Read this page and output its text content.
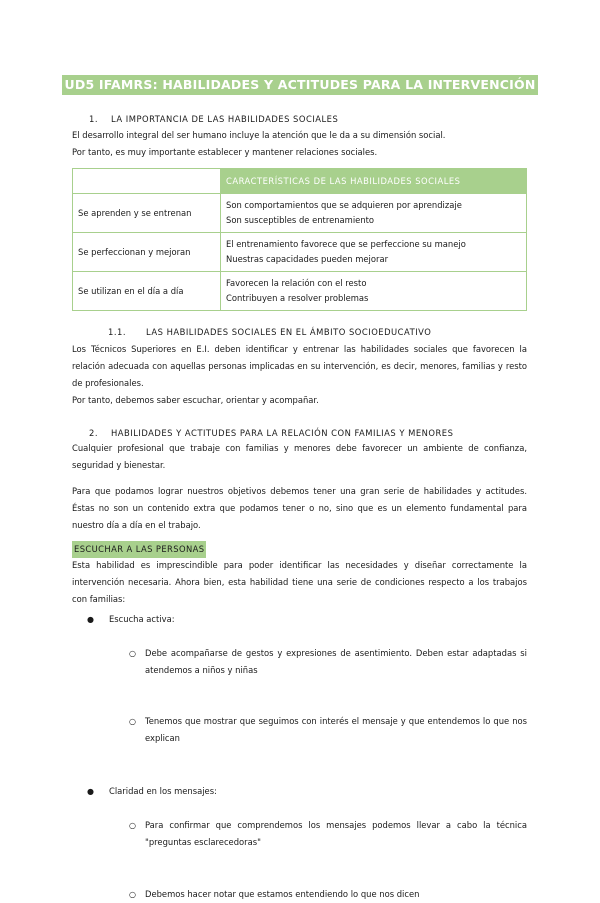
UD5 IFAMRS: HABILIDADES Y ACTITUDES PARA LA INTERVENCIÓN
1. LA IMPORTANCIA DE LAS HABILIDADES SOCIALES

El desarrollo integral del ser humano incluye la atención que le da a su dimensión social.

Por tanto, es muy importante establecer y mantener relaciones sociales.

	CARACTERÍSTICAS DE LAS HABILIDADES SOCIALES
Se aprenden y se entrenan	Son comportamientos que se adquieren por aprendizaje
Son susceptibles de entrenamiento

Se perfeccionan y mejoran	El entrenamiento favorece que se perfeccione su manejo
Nuestras capacidades pueden mejorar

Se utilizan en el día a día	Favorecen la relación con el resto
Contribuyen a resolver problemas
1.1. LAS HABILIDADES SOCIALES EN EL ÁMBITO SOCIOEDUCATIVO

Los Técnicos Superiores en E.I. deben identificar y entrenar las habilidades sociales que favorecen la relación adecuada con aquellas personas implicadas en su intervención, es decir, menores, familias y resto de profesionales.

Por tanto, debemos saber escuchar, orientar y acompañar.

2. HABILIDADES Y ACTITUDES PARA LA RELACIÓN CON FAMILIAS Y MENORES

Cualquier profesional que trabaje con familias y menores debe favorecer un ambiente de confianza, seguridad y bienestar.

Para que podamos lograr nuestros objetivos debemos tener una gran serie de habilidades y actitudes. Éstas no son un contenido extra que podamos tener o no, sino que es un elemento fundamental para nuestro día a día en el trabajo.

ESCUCHAR A LAS PERSONAS

Esta habilidad es imprescindible para poder identificar las necesidades y diseñar correctamente la intervención necesaria. Ahora bien, esta habilidad tiene una serie de condiciones respecto a los trabajos con familias:

● Escucha activa:
○ Debe acompañarse de gestos y expresiones de asentimiento. Deben estar adaptadas si atendemos a niños y niñas
○ Tenemos que mostrar que seguimos con interés el mensaje y que entendemos lo que nos explican
● Claridad en los mensajes:
○ Para confirmar que comprendemos los mensajes podemos llevar a cabo la técnica "preguntas esclarecedoras"
○ Debemos hacer notar que estamos entendiendo lo que nos dicen
